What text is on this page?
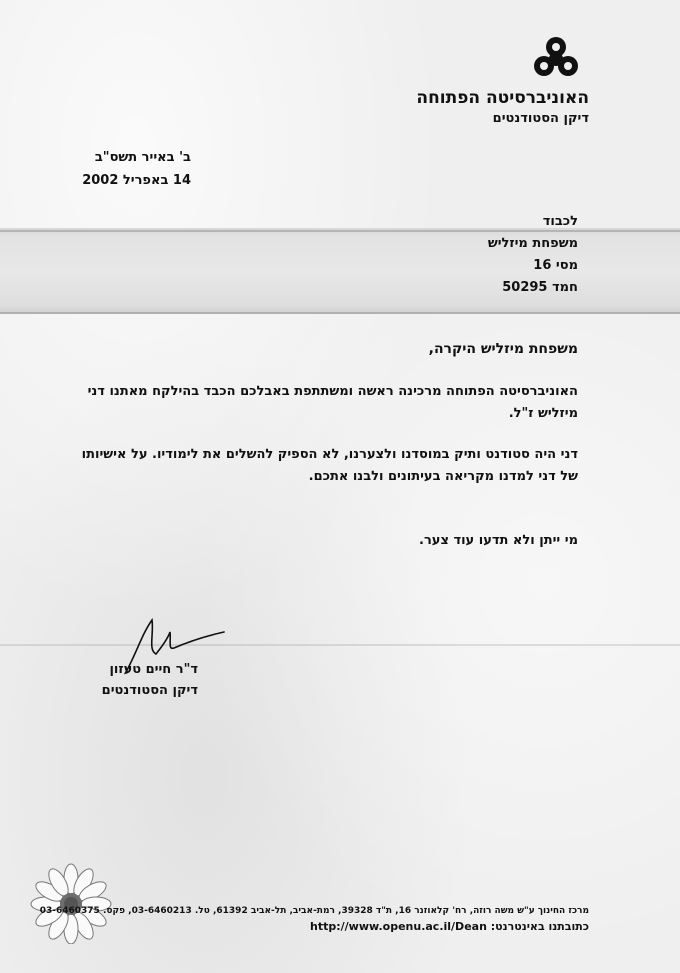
האוניברסיטה הפתוחה
דיקן הסטודנטים
ב' באייר תשס"ב
14 באפריל 2002
לכבוד
משפחת מיזליש
מסי 16
חמד 50295
משפחת מיזליש היקרה,
האוניברסיטה הפתוחה מרכינה ראשה ומשתתפת באבלכם הכבד בהילקח מאתנו דני מיזליש ז"ל.
דני היה סטודנט ותיק במוסדנו ולצערנו, לא הספיק להשלים את לימודיו. על אישיותו של דני למדנו מקריאה בעיתונים ולבנו אתכם.
מי ייתן ולא תדעו עוד צער.
ד"ר חיים טעזון
דיקן הסטודנטים
מרכז החינוך ע"ש משה רוזה, רח' קלאוזנר 16, ת"ד 39328, רמת-אביב, תל-אביב 61392, טל. 03-6460213, פקס. 03-6460375
כתובתנו באינטרנט: http://www.openu.ac.il/Dean
